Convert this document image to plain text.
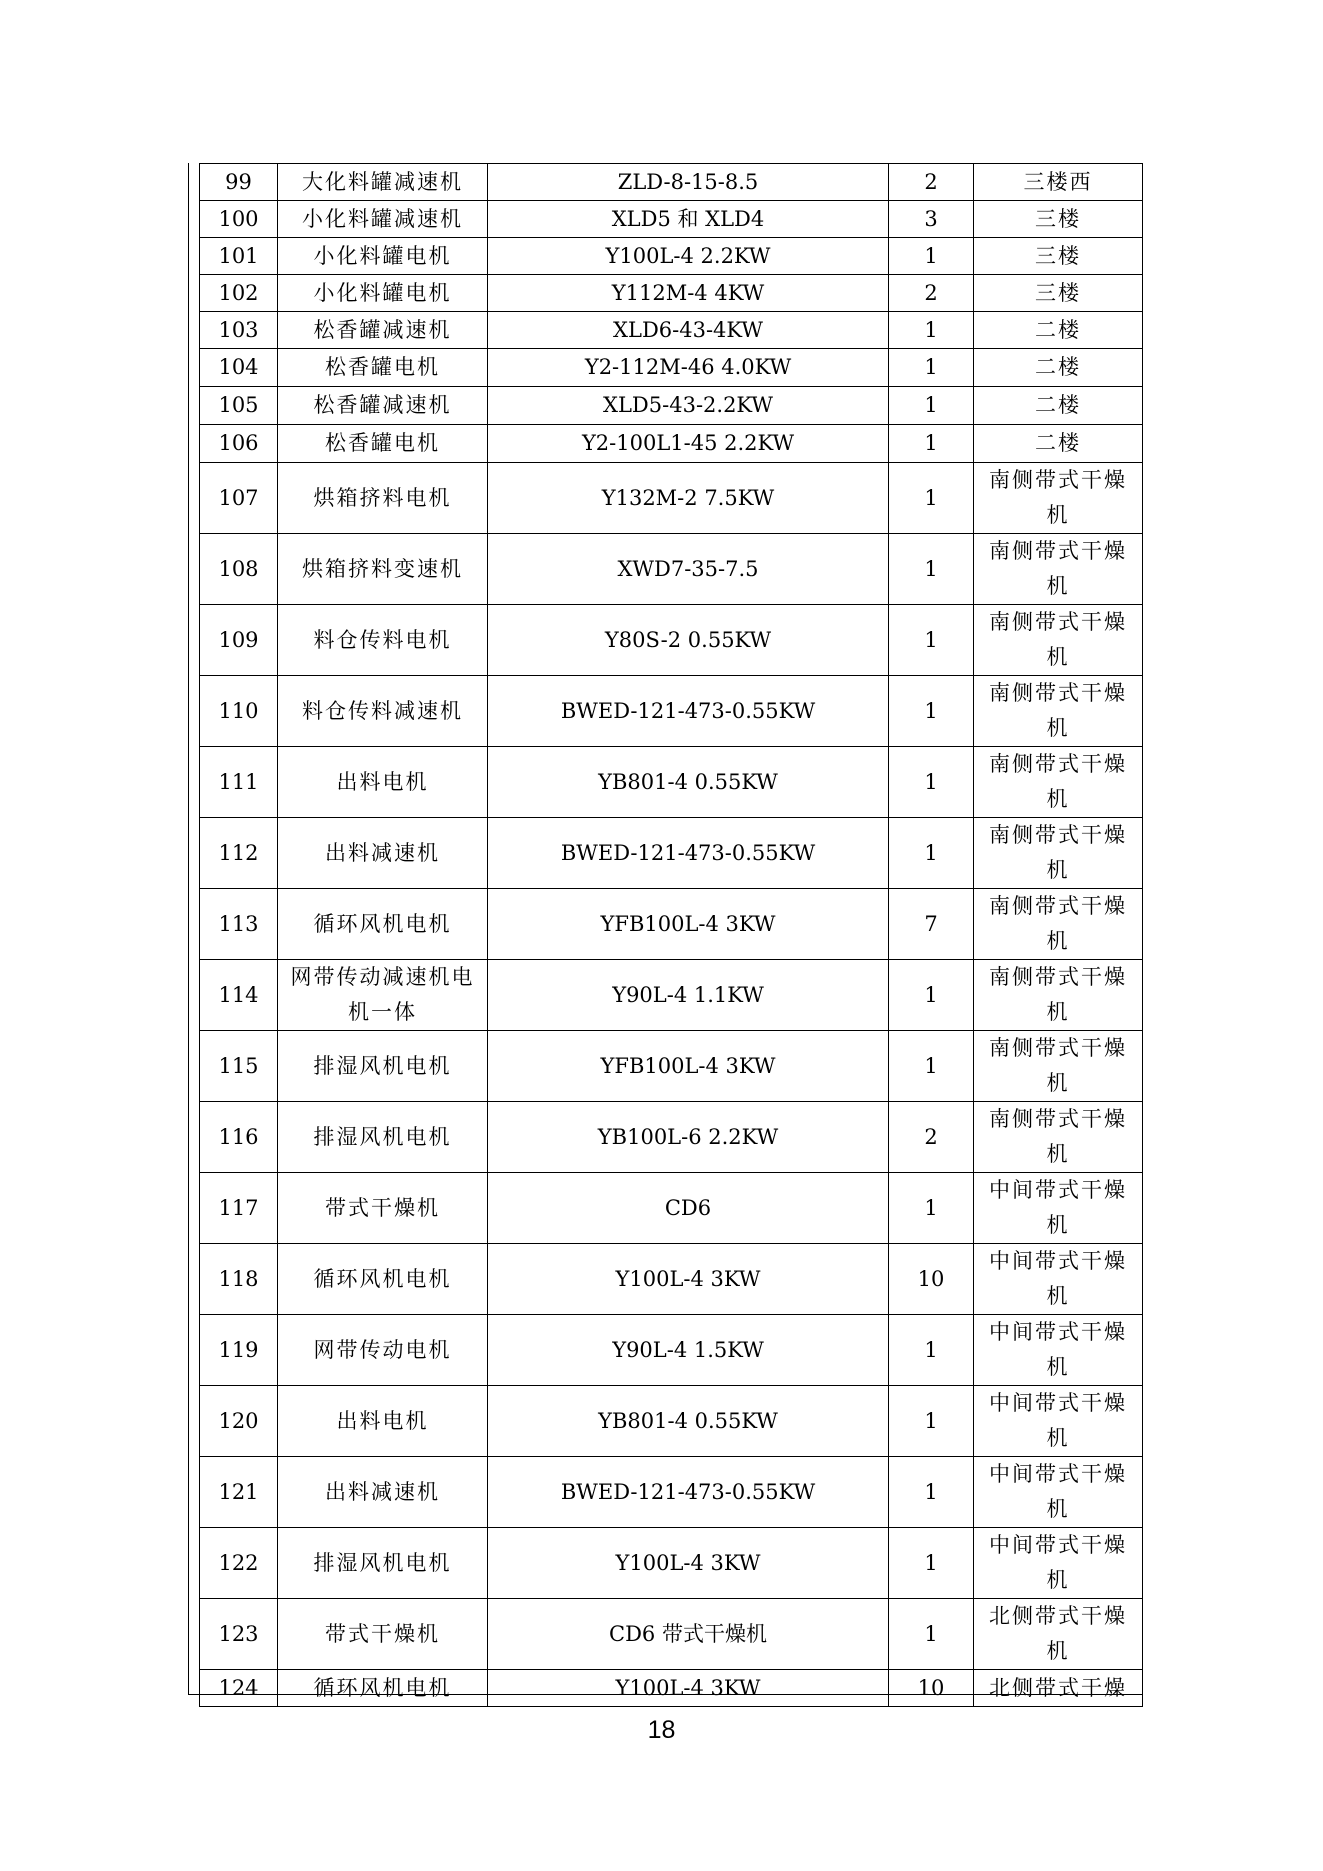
99	大化料罐减速机	ZLD-8-15-8.5	2	三楼西
100	小化料罐减速机	XLD5 和 XLD4	3	三楼
101	小化料罐电机	Y100L-4 2.2KW	1	三楼
102	小化料罐电机	Y112M-4 4KW	2	三楼
103	松香罐减速机	XLD6-43-4KW	1	二楼
104	松香罐电机	Y2-112M-46 4.0KW	1	二楼
105	松香罐减速机	XLD5-43-2.2KW	1	二楼
106	松香罐电机	Y2-100L1-45 2.2KW	1	二楼
107	烘箱挤料电机	Y132M-2 7.5KW	1	南侧带式干燥机
108	烘箱挤料变速机	XWD7-35-7.5	1	南侧带式干燥机
109	料仓传料电机	Y80S-2 0.55KW	1	南侧带式干燥机
110	料仓传料减速机	BWED-121-473-0.55KW	1	南侧带式干燥机
111	出料电机	YB801-4 0.55KW	1	南侧带式干燥机
112	出料减速机	BWED-121-473-0.55KW	1	南侧带式干燥机
113	循环风机电机	YFB100L-4 3KW	7	南侧带式干燥机
114	网带传动减速机电机一体	Y90L-4 1.1KW	1	南侧带式干燥机
115	排湿风机电机	YFB100L-4 3KW	1	南侧带式干燥机
116	排湿风机电机	YB100L-6 2.2KW	2	南侧带式干燥机
117	带式干燥机	CD6	1	中间带式干燥机
118	循环风机电机	Y100L-4 3KW	10	中间带式干燥机
119	网带传动电机	Y90L-4 1.5KW	1	中间带式干燥机
120	出料电机	YB801-4 0.55KW	1	中间带式干燥机
121	出料减速机	BWED-121-473-0.55KW	1	中间带式干燥机
122	排湿风机电机	Y100L-4 3KW	1	中间带式干燥机
123	带式干燥机	CD6 带式干燥机	1	北侧带式干燥机
124	循环风机电机	Y100L-4 3KW	10	北侧带式干燥
18
